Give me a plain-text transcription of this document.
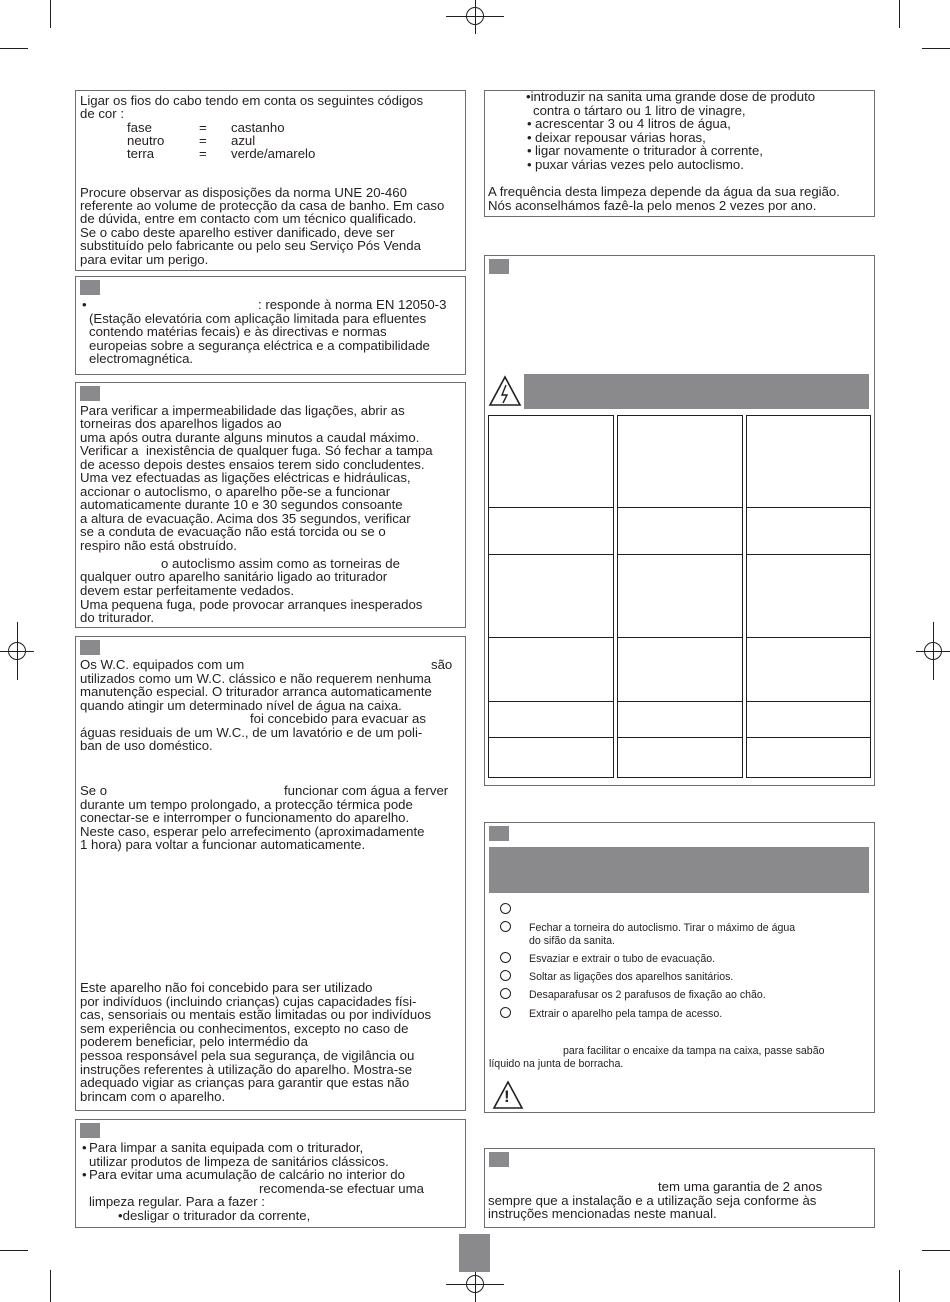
Ligar os fios do cabo tendo em conta os seguintes códigos
de cor :
fase	= castanho
neutro	= azul
terra	= verde/amarelo
Procure observar as disposições da norma UNE 20-460
referente ao volume de protecção da casa de banho. Em caso
de dúvida, entre em contacto com um técnico qualificado.
Se o cabo deste aparelho estiver danificado, deve ser
substituído pelo fabricante ou pelo seu Serviço Pós Venda
para evitar um perigo.
•	: responde à norma EN 12050-3
(Estação elevatória com aplicação limitada para efluentes
contendo matérias fecais) e às directivas e normas
europeias sobre a segurança eléctrica e a compatibilidade
electromagnética.
Para verificar a impermeabilidade das ligações, abrir as
torneiras dos aparelhos ligados ao
uma após outra durante alguns minutos a caudal máximo.
Verificar a  inexistência de qualquer fuga. Só fechar a tampa
de acesso depois destes ensaios terem sido concludentes.
Uma vez efectuadas as ligações eléctricas e hidráulicas,
accionar o autoclismo, o aparelho põe-se a funcionar
automaticamente durante 10 e 30 segundos consoante
a altura de evacuação. Acima dos 35 segundos, verificar
se a conduta de evacuação não está torcida ou se o
respiro não está obstruído.
o autoclismo assim como as torneiras de
qualquer outro aparelho sanitário ligado ao triturador
devem estar perfeitamente vedados.
Uma pequena fuga, pode provocar arranques inesperados
do triturador.
Os W.C. equipados com um	são
utilizados como um W.C. clássico e não requerem nenhuma
manutenção especial. O triturador arranca automaticamente
quando atingir um determinado nível de água na caixa.
foi concebido para evacuar as
águas residuais de um W.C., de um lavatório e de um poli-
ban de uso doméstico.
Se o	funcionar com água a ferver
durante um tempo prolongado, a protecção térmica pode
conectar-se e interromper o funcionamento do aparelho.
Neste caso, esperar pelo arrefecimento (aproximadamente
1 hora) para voltar a funcionar automaticamente.
Este aparelho não foi concebido para ser utilizado
por indivíduos (incluindo crianças) cujas capacidades físi-
cas, sensoriais ou mentais estão limitadas ou por indivíduos
sem experiência ou conhecimentos, excepto no caso de
poderem beneficiar, pelo intermédio da
pessoa responsável pela sua segurança, de vigilância ou
instruções referentes à utilização do aparelho. Mostra-se
adequado vigiar as crianças para garantir que estas não
brincam com o aparelho.
• Para limpar a sanita equipada com o triturador,
utilizar produtos de limpeza de sanitários clássicos.
• Para evitar uma acumulação de calcário no interior do
recomenda-se efectuar uma
limpeza regular. Para a fazer :
•desligar o triturador da corrente,
•introduzir na sanita uma grande dose de produto
contra o tártaro ou 1 litro de vinagre,
• acrescentar 3 ou 4 litros de água,
• deixar repousar várias horas,
• ligar novamente o triturador à corrente,
• puxar várias vezes pelo autoclismo.
A frequência desta limpeza depende da água da sua região.
Nós aconselhámos fazê-la pelo menos 2 vezes por ano.
Fechar a torneira do autoclismo. Tirar o máximo de água
do sifão da sanita.
Esvaziar e extrair o tubo de evacuação.
Soltar as ligações dos aparelhos sanitários.
Desaparafusar os 2 parafusos de fixação ao chão.
Extrair o aparelho pela tampa de acesso.
para facilitar o encaixe da tampa na caixa, passe sabão
líquido na junta de borracha.
!
tem uma garantia de 2 anos
sempre que a instalação e a utilização seja conforme às
instruções mencionadas neste manual.
